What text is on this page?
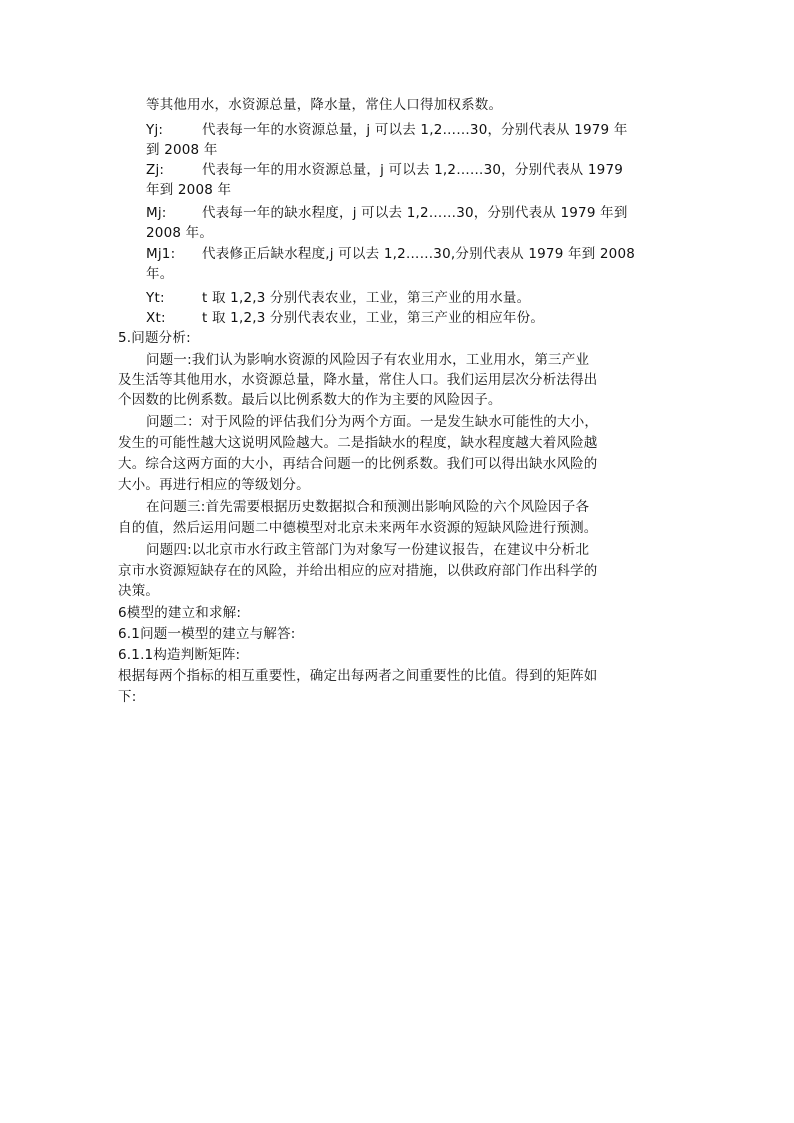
等其他用水，水资源总量，降水量，常住人口得加权系数。
Yj:	代表每一年的水资源总量，j 可以去 1,2……30，分别代表从 1979 年
到 2008 年
Zj:	代表每一年的用水资源总量，j 可以去 1,2……30，分别代表从 1979
年到 2008 年
Mj:	代表每一年的缺水程度，j 可以去 1,2……30，分别代表从 1979 年到
2008 年。
Mj1: 代表修正后缺水程度,j 可以去 1,2……30,分别代表从 1979 年到 2008
年。
Yt:	t 取 1,2,3 分别代表农业，工业，第三产业的用水量。
Xt:	t 取 1,2,3 分别代表农业，工业，第三产业的相应年份。
5.问题分析:
问题一:我们认为影响水资源的风险因子有农业用水，工业用水，第三产业
及生活等其他用水，水资源总量，降水量，常住人口。我们运用层次分析法得出
个因数的比例系数。最后以比例系数大的作为主要的风险因子。
问题二：对于风险的评估我们分为两个方面。一是发生缺水可能性的大小，
发生的可能性越大这说明风险越大。二是指缺水的程度，缺水程度越大着风险越
大。综合这两方面的大小，再结合问题一的比例系数。我们可以得出缺水风险的
大小。再进行相应的等级划分。
在问题三:首先需要根据历史数据拟合和预测出影响风险的六个风险因子各
自的值，然后运用问题二中德模型对北京未来两年水资源的短缺风险进行预测。
问题四:以北京市水行政主管部门为对象写一份建议报告，在建议中分析北
京市水资源短缺存在的风险，并给出相应的应对措施，以供政府部门作出科学的
决策。
6模型的建立和求解:
6.1问题一模型的建立与解答:
6.1.1构造判断矩阵:
根据每两个指标的相互重要性，确定出每两者之间重要性的比值。得到的矩阵如
下:
